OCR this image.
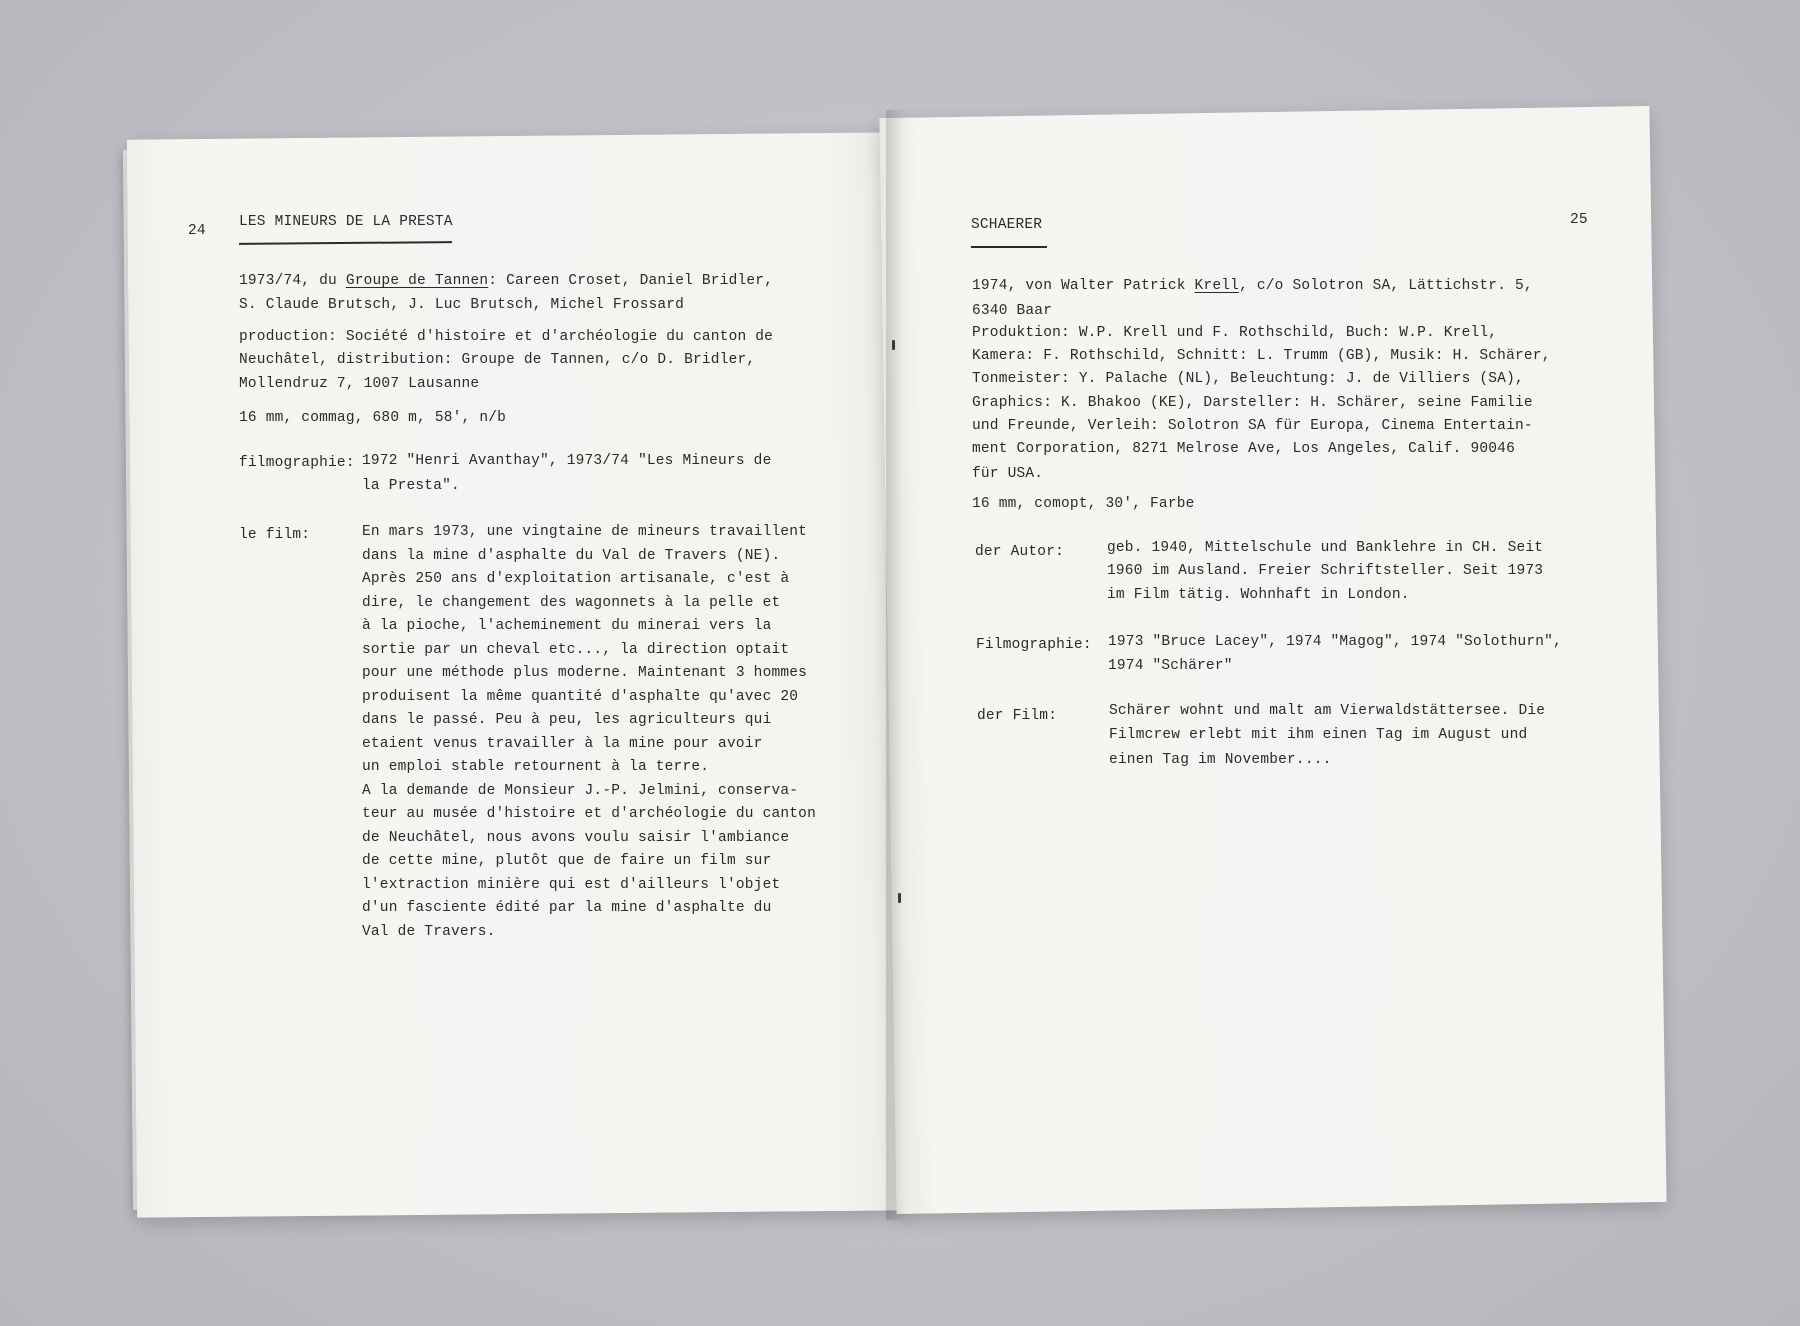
24
LES MINEURS DE LA PRESTA
1973/74, du Groupe de Tannen: Careen Croset, Daniel Bridler,
S. Claude Brutsch, J. Luc Brutsch, Michel Frossard
production: Société d'histoire et d'archéologie du canton de
Neuchâtel, distribution: Groupe de Tannen, c/o D. Bridler,
Mollendruz 7, 1007 Lausanne
16 mm, commag, 680 m, 58', n/b
filmographie: 1972 "Henri Avanthay", 1973/74 "Les Mineurs de
la Presta".
le film:	En mars 1973, une vingtaine de mineurs travaillent
dans la mine d'asphalte du Val de Travers (NE).
Après 250 ans d'exploitation artisanale, c'est à
dire, le changement des wagonnets à la pelle et
à la pioche, l'acheminement du minerai vers la
sortie par un cheval etc..., la direction optait
pour une méthode plus moderne. Maintenant 3 hommes
produisent la même quantité d'asphalte qu'avec 20
dans le passé. Peu à peu, les agriculteurs qui
etaient venus travailler à la mine pour avoir
un emploi stable retournent à la terre.
A la demande de Monsieur J.-P. Jelmini, conserva-
teur au musée d'histoire et d'archéologie du canton
de Neuchâtel, nous avons voulu saisir l'ambiance
de cette mine, plutôt que de faire un film sur
l'extraction minière qui est d'ailleurs l'objet
d'un fasciente édité par la mine d'asphalte du
Val de Travers.
25
SCHAERER
1974, von Walter Patrick Krell, c/o Solotron SA, Lättichstr. 5,
6340 Baar
Produktion: W.P. Krell und F. Rothschild, Buch: W.P. Krell,
Kamera: F. Rothschild, Schnitt: L. Trumm (GB), Musik: H. Schärer,
Tonmeister: Y. Palache (NL), Beleuchtung: J. de Villiers (SA),
Graphics: K. Bhakoo (KE), Darsteller: H. Schärer, seine Familie
und Freunde, Verleih: Solotron SA für Europa, Cinema Entertain-
ment Corporation, 8271 Melrose Ave, Los Angeles, Calif. 90046
für USA.
16 mm, comopt, 30', Farbe
der Autor:	geb. 1940, Mittelschule und Banklehre in CH. Seit
1960 im Ausland. Freier Schriftsteller. Seit 1973
im Film tätig. Wohnhaft in London.
Filmographie: 1973 "Bruce Lacey", 1974 "Magog", 1974 "Solothurn",
1974 "Schärer"
der Film:	Schärer wohnt und malt am Vierwaldstättersee. Die
Filmcrew erlebt mit ihm einen Tag im August und
einen Tag im November....
